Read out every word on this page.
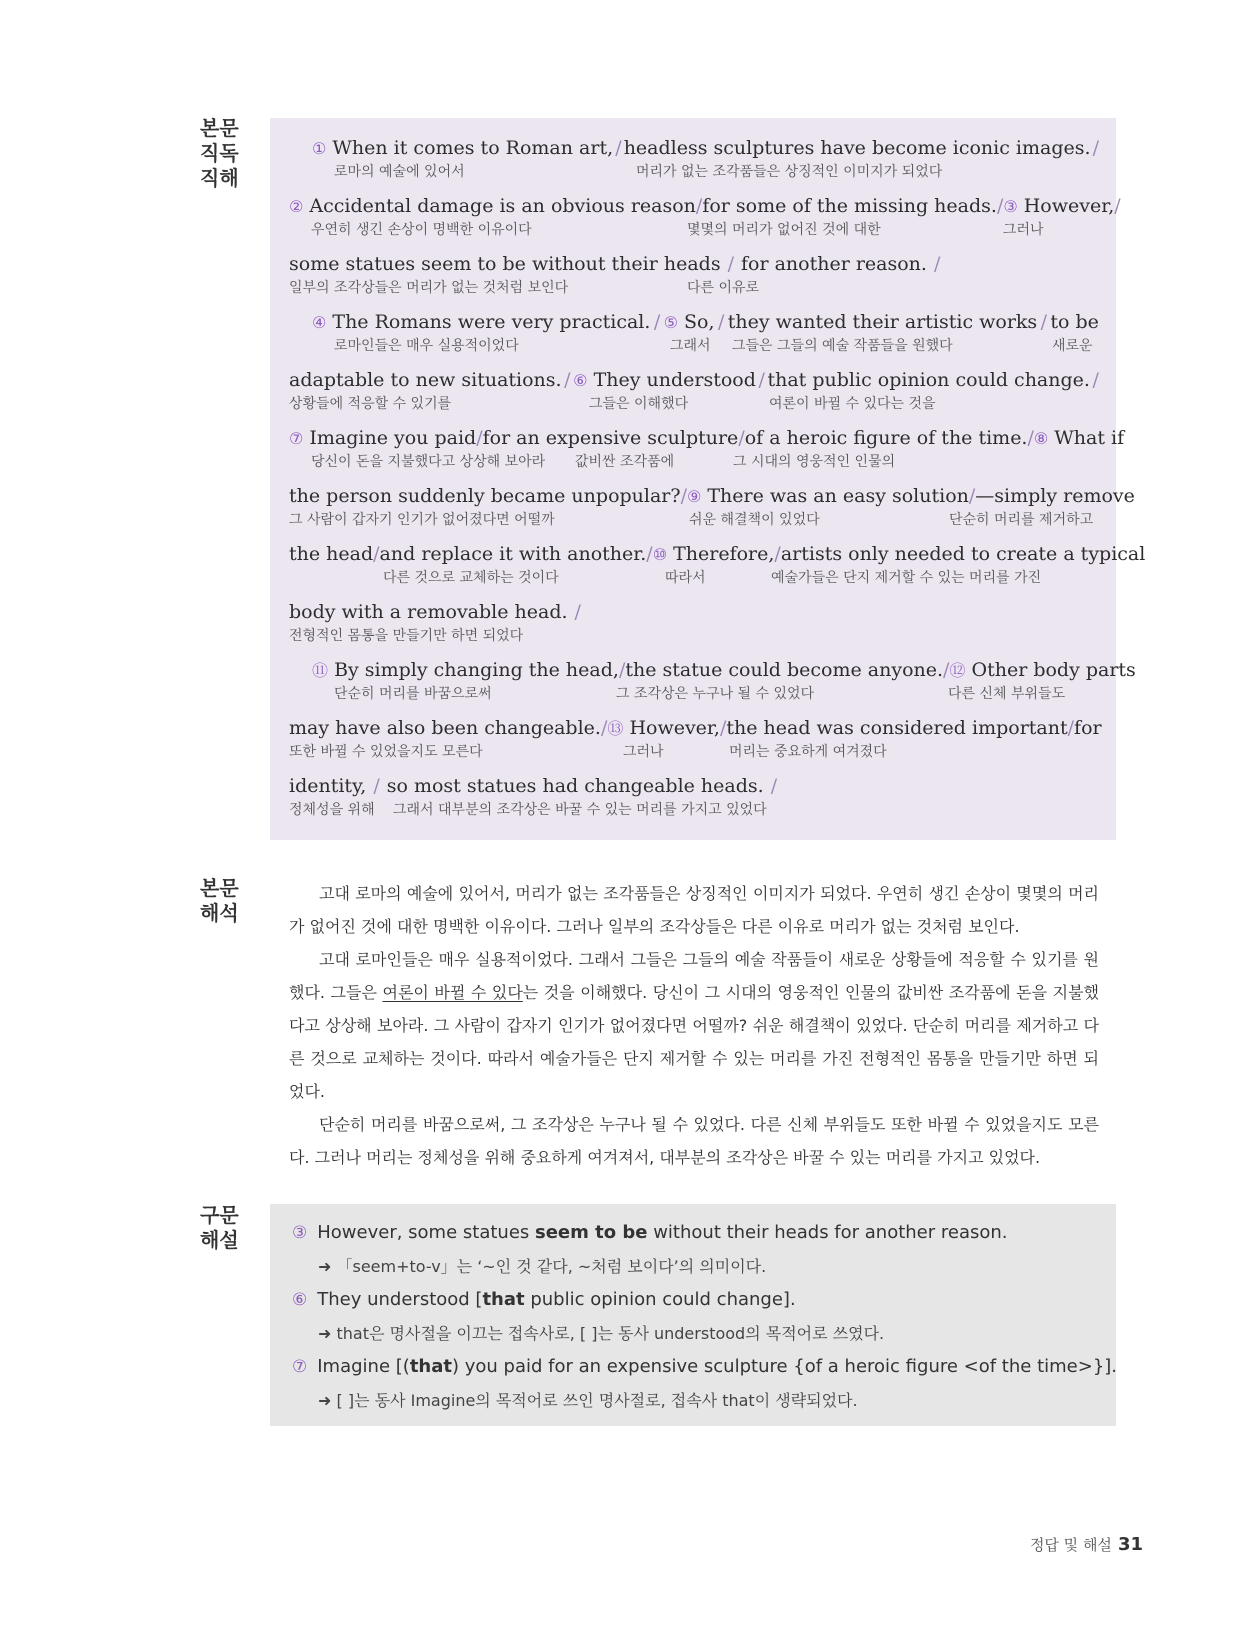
본문
직독
직해
본문
해석
구문
해설
① When it comes to Roman art, / headless sculptures have become iconic images. /
로마의 예술에 있어서	머리가 없는 조각품들은 상징적인 이미지가 되었다
② Accidental damage is an obvious reason / for some of the missing heads. / ③ However, /
우연히 생긴 손상이 명백한 이유이다	몇몇의 머리가 없어진 것에 대한	그러나
some statues seem to be without their heads / for another reason. /
일부의 조각상들은 머리가 없는 것처럼 보인다	다른 이유로
④ The Romans were very practical. / ⑤ So, / they wanted their artistic works / to be
로마인들은 매우 실용적이었다	그래서 그들은 그들의 예술 작품들을 원했다	새로운
adaptable to new situations. / ⑥ They understood / that public opinion could change. /
상황들에 적응할 수 있기를	그들은 이해했다	여론이 바뀔 수 있다는 것을
⑦ Imagine you paid / for an expensive sculpture / of a heroic figure of the time. / ⑧ What if
당신이 돈을 지불했다고 상상해 보아라 값비싼 조각품에	그 시대의 영웅적인 인물의
the person suddenly became unpopular? / ⑨ There was an easy solution / —simply remove
그 사람이 갑자기 인기가 없어졌다면 어떨까	쉬운 해결책이 있었다	단순히 머리를 제거하고
the head / and replace it with another. / ⑩ Therefore, / artists only needed to create a typical
다른 것으로 교체하는 것이다	따라서	예술가들은 단지 제거할 수 있는 머리를 가진
body with a removable head. /
전형적인 몸통을 만들기만 하면 되었다
⑪ By simply changing the head, / the statue could become anyone. / ⑫ Other body parts
단순히 머리를 바꿈으로써	그 조각상은 누구나 될 수 있었다	다른 신체 부위들도
may have also been changeable. / ⑬ However, / the head was considered important / for
또한 바뀔 수 있었을지도 모른다	그러나	머리는 중요하게 여겨졌다
identity, / so most statues had changeable heads. /
정체성을 위해 그래서 대부분의 조각상은 바꿀 수 있는 머리를 가지고 있었다

고대 로마의 예술에 있어서, 머리가 없는 조각품들은 상징적인 이미지가 되었다. 우연히 생긴 손상이 몇몇의 머리가 없어진 것에 대한 명백한 이유이다. 그러나 일부의 조각상들은 다른 이유로 머리가 없는 것처럼 보인다.

고대 로마인들은 매우 실용적이었다. 그래서 그들은 그들의 예술 작품들이 새로운 상황들에 적응할 수 있기를 원했다. 그들은 여론이 바뀔 수 있다는 것을 이해했다. 당신이 그 시대의 영웅적인 인물의 값비싼 조각품에 돈을 지불했다고 상상해 보아라. 그 사람이 갑자기 인기가 없어졌다면 어떨까? 쉬운 해결책이 있었다. 단순히 머리를 제거하고 다른 것으로 교체하는 것이다. 따라서 예술가들은 단지 제거할 수 있는 머리를 가진 전형적인 몸통을 만들기만 하면 되었다.

단순히 머리를 바꿈으로써, 그 조각상은 누구나 될 수 있었다. 다른 신체 부위들도 또한 바뀔 수 있었을지도 모른다. 그러나 머리는 정체성을 위해 중요하게 여겨져서, 대부분의 조각상은 바꿀 수 있는 머리를 가지고 있었다.

③ However, some statues seem to be without their heads for another reason.
➜ 「seem+to-v」는 ‘~인 것 같다, ~처럼 보이다’의 의미이다.
⑥ They understood [that public opinion could change].
➜ that은 명사절을 이끄는 접속사로, [ ]는 동사 understood의 목적어로 쓰였다.
⑦ Imagine [(that) you paid for an expensive sculpture {of a heroic figure <of the time>}].
➜ [ ]는 동사 Imagine의 목적어로 쓰인 명사절로, 접속사 that이 생략되었다.
정답 및 해설 31
